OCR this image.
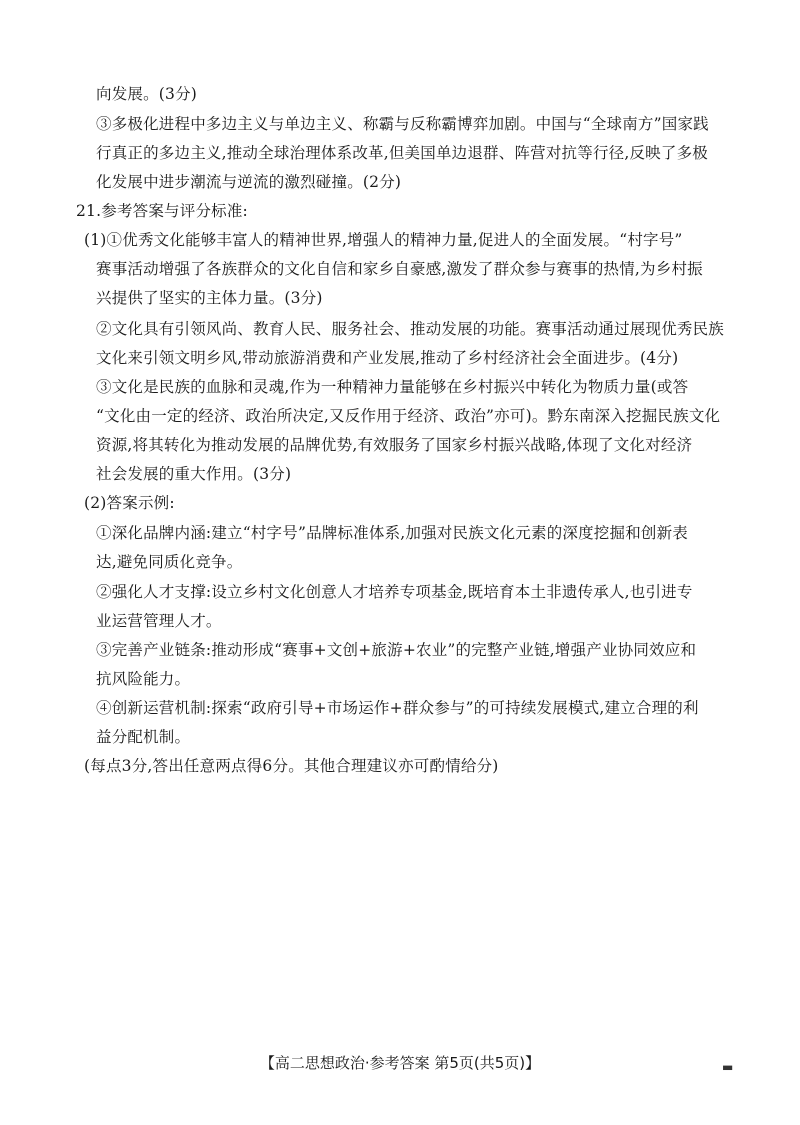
向发展。(3分)
③多极化进程中多边主义与单边主义、称霸与反称霸博弈加剧。中国与“全球南方”国家践
行真正的多边主义,推动全球治理体系改革,但美国单边退群、阵营对抗等行径,反映了多极
化发展中进步潮流与逆流的激烈碰撞。(2分)
21.参考答案与评分标准:
(1)①优秀文化能够丰富人的精神世界,增强人的精神力量,促进人的全面发展。“村字号”
赛事活动增强了各族群众的文化自信和家乡自豪感,激发了群众参与赛事的热情,为乡村振
兴提供了坚实的主体力量。(3分)
②文化具有引领风尚、教育人民、服务社会、推动发展的功能。赛事活动通过展现优秀民族
文化来引领文明乡风,带动旅游消费和产业发展,推动了乡村经济社会全面进步。(4分)
③文化是民族的血脉和灵魂,作为一种精神力量能够在乡村振兴中转化为物质力量(或答
“文化由一定的经济、政治所决定,又反作用于经济、政治”亦可)。黔东南深入挖掘民族文化
资源,将其转化为推动发展的品牌优势,有效服务了国家乡村振兴战略,体现了文化对经济
社会发展的重大作用。(3分)
(2)答案示例:
①深化品牌内涵:建立“村字号”品牌标准体系,加强对民族文化元素的深度挖掘和创新表
达,避免同质化竞争。
②强化人才支撑:设立乡村文化创意人才培养专项基金,既培育本土非遗传承人,也引进专
业运营管理人才。
③完善产业链条:推动形成“赛事+文创+旅游+农业”的完整产业链,增强产业协同效应和
抗风险能力。
④创新运营机制:探索“政府引导+市场运作+群众参与”的可持续发展模式,建立合理的利
益分配机制。
(每点3分,答出任意两点得6分。其他合理建议亦可酌情给分)
【高二思想政治·参考答案 第5页(共5页)】	▬
